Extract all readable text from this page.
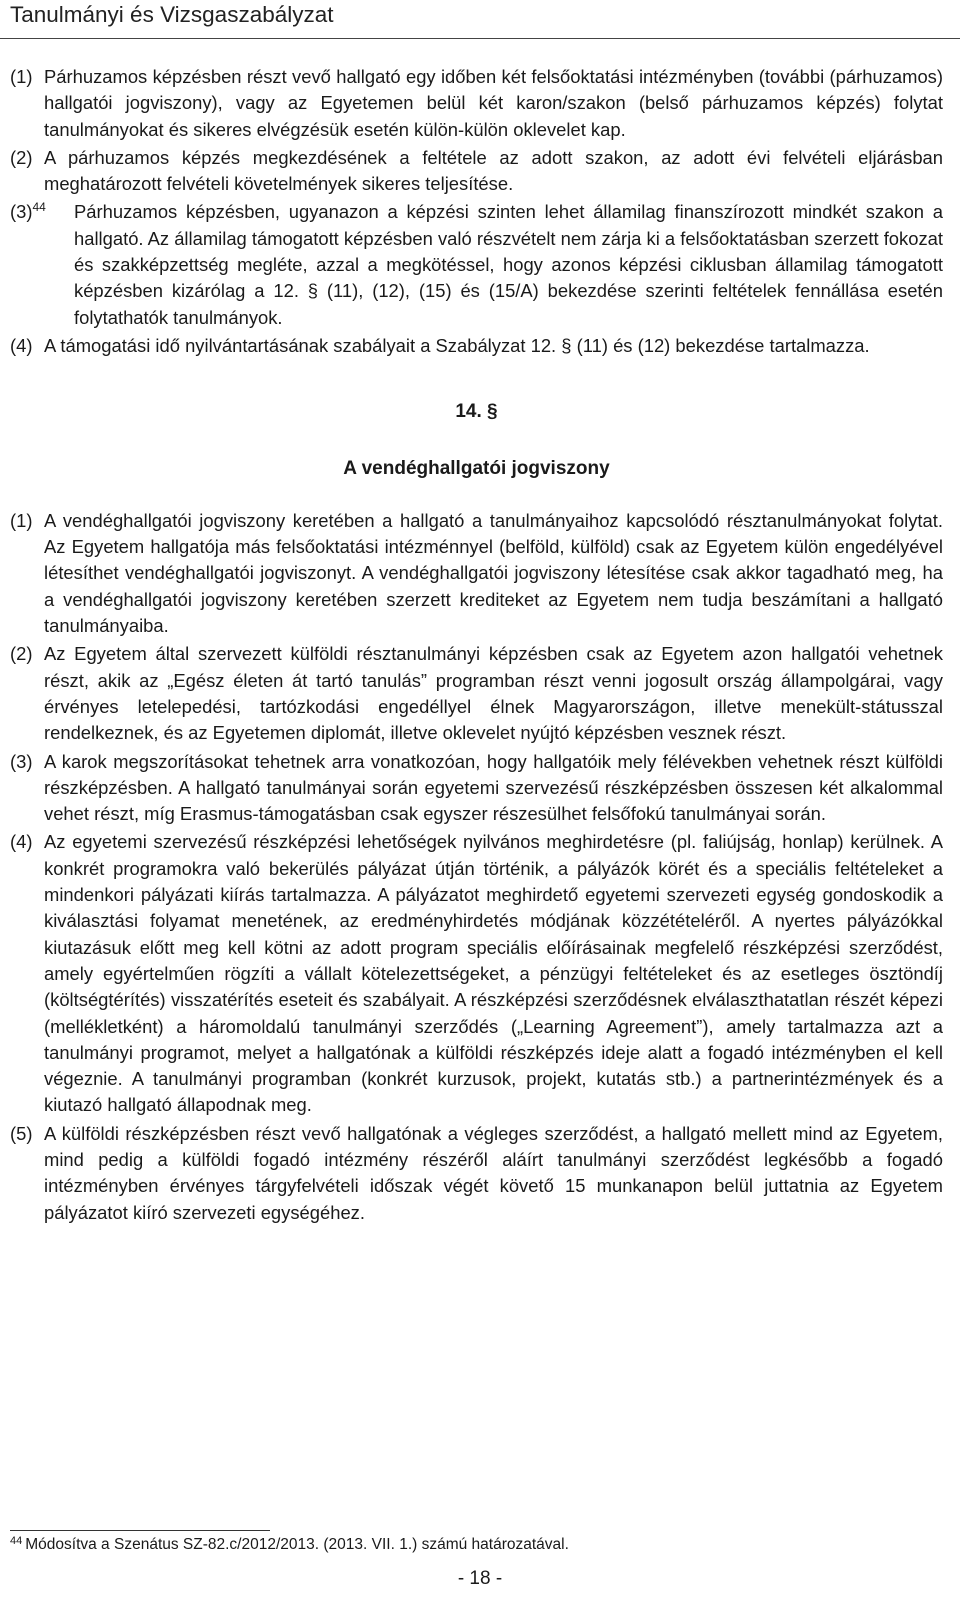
Tanulmányi és Vizsgaszabályzat
(1) Párhuzamos képzésben részt vevő hallgató egy időben két felsőoktatási intézményben (további (párhuzamos) hallgatói jogviszony), vagy az Egyetemen belül két karon/szakon (belső párhuzamos képzés) folytat tanulmányokat és sikeres elvégzésük esetén külön-külön oklevelet kap.
(2) A párhuzamos képzés megkezdésének a feltétele az adott szakon, az adott évi felvételi eljárásban meghatározott felvételi követelmények sikeres teljesítése.
$(3)^{44}$ Párhuzamos képzésben, ugyanazon a képzési szinten lehet államilag finanszírozott mindkét szakon a hallgató. Az államilag támogatott képzésben való részvételt nem zárja ki a felsőoktatásban szerzett fokozat és szakképzettség megléte, azzal a megkötéssel, hogy azonos képzési ciklusban államilag támogatott képzésben kizárólag a 12. § (11), (12), (15) és (15/A) bekezdése szerinti feltételek fennállása esetén folytathatók tanulmányok.
(4) A támogatási idő nyilvántartásának szabályait a Szabályzat 12. § (11) és (12) bekezdése tartalmazza.
14. §
A vendéghallgatói jogviszony
(1) A vendéghallgatói jogviszony keretében a hallgató a tanulmányaihoz kapcsolódó résztanulmányokat folytat. Az Egyetem hallgatója más felsőoktatási intézménnyel (belföld, külföld) csak az Egyetem külön engedélyével létesíthet vendéghallgatói jogviszonyt. A vendéghallgatói jogviszony létesítése csak akkor tagadható meg, ha a vendéghallgatói jogviszony keretében szerzett krediteket az Egyetem nem tudja beszámítani a hallgató tanulmányaiba.
(2) Az Egyetem által szervezett külföldi résztanulmányi képzésben csak az Egyetem azon hallgatói vehetnek részt, akik az „Egész életen át tartó tanulás” programban részt venni jogosult ország állampolgárai, vagy érvényes letelepedési, tartózkodási engedéllyel élnek Magyarországon, illetve menekült-státusszal rendelkeznek, és az Egyetemen diplomát, illetve oklevelet nyújtó képzésben vesznek részt.
(3) A karok megszorításokat tehetnek arra vonatkozóan, hogy hallgatóik mely félévekben vehetnek részt külföldi részképzésben. A hallgató tanulmányai során egyetemi szervezésű részképzésben összesen két alkalommal vehet részt, míg Erasmus-támogatásban csak egyszer részesülhet felsőfokú tanulmányai során.
(4) Az egyetemi szervezésű részképzési lehetőségek nyilvános meghirdetésre (pl. faliújság, honlap) kerülnek. A konkrét programokra való bekerülés pályázat útján történik, a pályázók körét és a speciális feltételeket a mindenkori pályázati kiírás tartalmazza. A pályázatot meghirdető egyetemi szervezeti egység gondoskodik a kiválasztási folyamat menetének, az eredményhirdetés módjának közzétételéről. A nyertes pályázókkal kiutazásuk előtt meg kell kötni az adott program speciális előírásainak megfelelő részképzési szerződést, amely egyértelműen rögzíti a vállalt kötelezettségeket, a pénzügyi feltételeket és az esetleges ösztöndíj (költségtérítés) visszatérítés eseteit és szabályait. A részképzési szerződésnek elválaszthatatlan részét képezi (mellékletként) a háromoldalú tanulmányi szerződés („Learning Agreement”), amely tartalmazza azt a tanulmányi programot, melyet a hallgatónak a külföldi részképzés ideje alatt a fogadó intézményben el kell végeznie. A tanulmányi programban (konkrét kurzusok, projekt, kutatás stb.) a partnerintézmények és a kiutazó hallgató állapodnak meg.
(5) A külföldi részképzésben részt vevő hallgatónak a végleges szerződést, a hallgató mellett mind az Egyetem, mind pedig a külföldi fogadó intézmény részéről aláírt tanulmányi szerződést legkésőbb a fogadó intézményben érvényes tárgyfelvételi időszak végét követő 15 munkanapon belül juttatnia az Egyetem pályázatot kiíró szervezeti egységéhez.
$^{44}$ Módosítva a Szenátus SZ-82.c/2012/2013. (2013. VII. 1.) számú határozatával.
- 18 -
